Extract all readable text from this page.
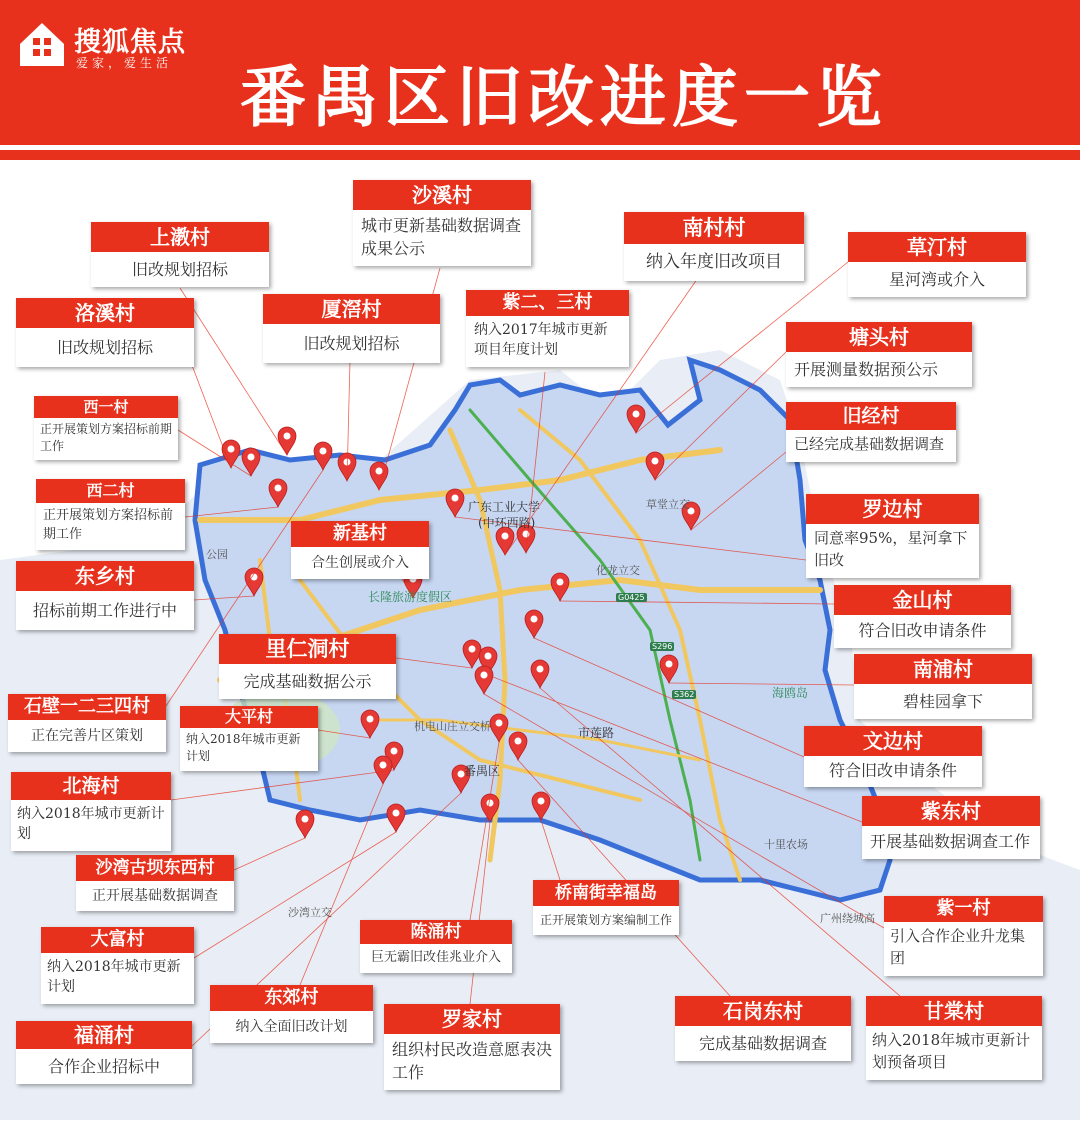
搜狐焦点
爱家，爱生活 番禺区旧改进度一览
广东工业大学
(中环西路)
草堂立交
化龙立交
长隆旅游度假区
机电山庄立交桥
番禺区
市莲路
海鸥岛
十里农场
沙湾立交
公园
广州绕城高
G0425
S296
S362
沙溪村
城市更新基础数据调查成果公示
上漖村
旧改规划招标
南村村
纳入年度旧改项目
草汀村
星河湾或介入
洛溪村
旧改规划招标
厦滘村
旧改规划招标
紫二、三村
纳入2017年城市更新项目年度计划
塘头村
开展测量数据预公示
西一村
正开展策划方案招标前期工作
旧经村
已经完成基础数据调查
西二村
正开展策划方案招标前期工作	新基村
合生创展或介入
罗边村
同意率95%，星河拿下旧改
东乡村
招标前期工作进行中	金山村
符合旧改申请条件
里仁洞村
完成基础数据公示
南浦村
碧桂园拿下
石壁一二三四村
正在完善片区策划
大平村
纳入2018年城市更新计划
文边村
符合旧改申请条件
北海村
纳入2018年城市更新计划
紫东村
开展基础数据调查工作
沙湾古坝东西村
正开展基础数据调查	桥南街幸福岛
正开展策划方案编制工作
紫一村
引入合作企业升龙集团
大富村
纳入2018年城市更新计划
陈涌村
巨无霸旧改佳兆业介入
东郊村
纳入全面旧改计划
石岗东村
完成基础数据调查
甘棠村
纳入2018年城市更新计划预备项目
福涌村
合作企业招标中
罗家村
组织村民改造意愿表决工作
